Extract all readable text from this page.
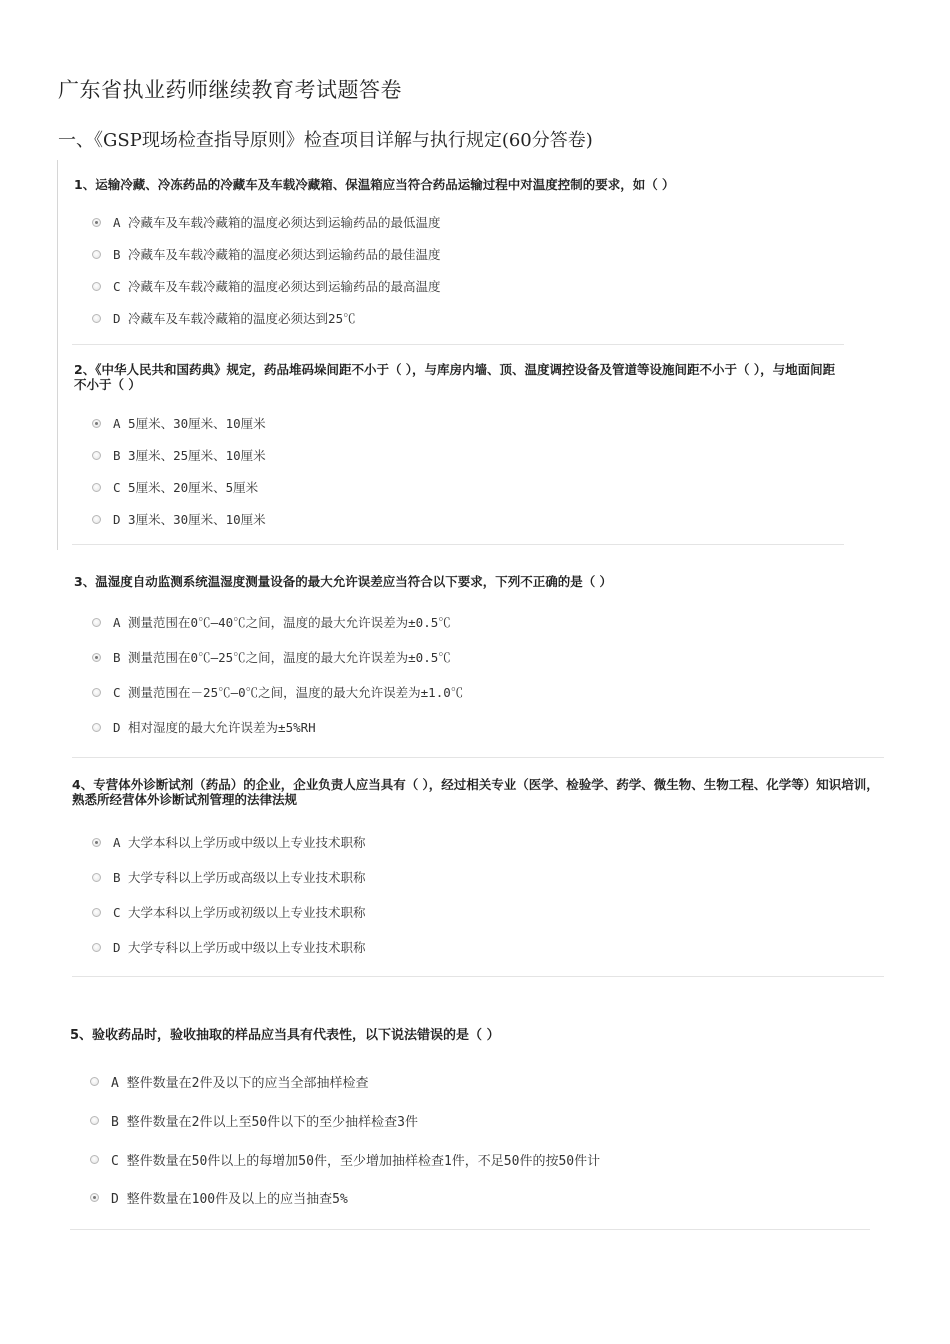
广东省执业药师继续教育考试题答卷
一、《GSP现场检查指导原则》检查项目详解与执行规定(60分答卷)

1、运输冷藏、冷冻药品的冷藏车及车载冷藏箱、保温箱应当符合药品运输过程中对温度控制的要求，如（ ）

A 冷藏车及车载冷藏箱的温度必须达到运输药品的最低温度
B 冷藏车及车载冷藏箱的温度必须达到运输药品的最佳温度
C 冷藏车及车载冷藏箱的温度必须达到运输药品的最高温度
D 冷藏车及车载冷藏箱的温度必须达到25℃

2、《中华人民共和国药典》规定，药品堆码垛间距不小于（ ），与库房内墙、顶、温度调控设备及管道等设施间距不小于（ ），与地面间距不小于（ ）

A 5厘米、30厘米、10厘米
B 3厘米、25厘米、10厘米
C 5厘米、20厘米、5厘米
D 3厘米、30厘米、10厘米

3、温湿度自动监测系统温湿度测量设备的最大允许误差应当符合以下要求，下列不正确的是（ ）

A 测量范围在0℃—40℃之间，温度的最大允许误差为±0.5℃
B 测量范围在0℃—25℃之间，温度的最大允许误差为±0.5℃
C 测量范围在－25℃—0℃之间，温度的最大允许误差为±1.0℃
D 相对湿度的最大允许误差为±5%RH

4、专营体外诊断试剂（药品）的企业，企业负责人应当具有（ ），经过相关专业（医学、检验学、药学、微生物、生物工程、化学等）知识培训，熟悉所经营体外诊断试剂管理的法律法规

A 大学本科以上学历或中级以上专业技术职称
B 大学专科以上学历或高级以上专业技术职称
C 大学本科以上学历或初级以上专业技术职称
D 大学专科以上学历或中级以上专业技术职称

5、验收药品时，验收抽取的样品应当具有代表性，以下说法错误的是（ ）

A 整件数量在2件及以下的应当全部抽样检查
B 整件数量在2件以上至50件以下的至少抽样检查3件
C 整件数量在50件以上的每增加50件，至少增加抽样检查1件，不足50件的按50件计
D 整件数量在100件及以上的应当抽查5%
